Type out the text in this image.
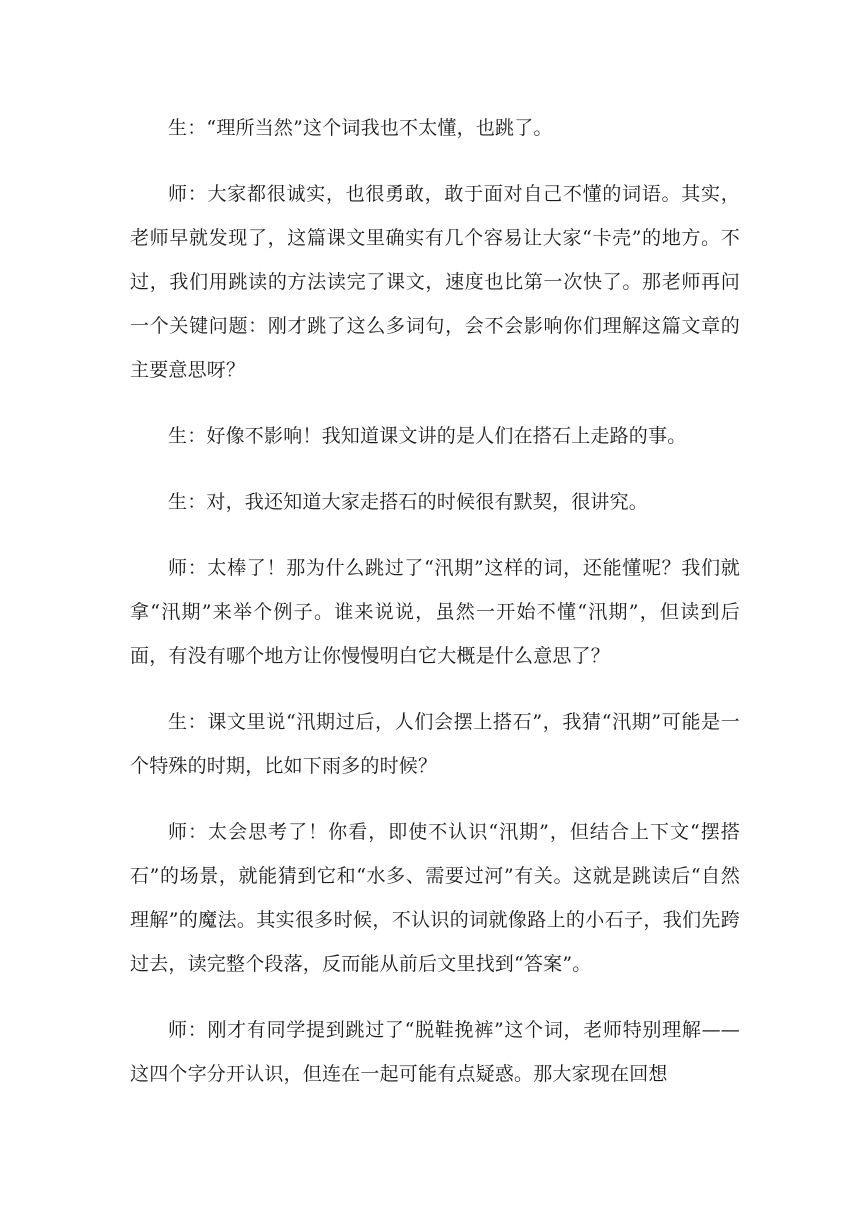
生：“理所当然”这个词我也不太懂，也跳了。

师：大家都很诚实，也很勇敢，敢于面对自己不懂的词语。其实，老师早就发现了，这篇课文里确实有几个容易让大家“卡壳”的地方。不过，我们用跳读的方法读完了课文，速度也比第一次快了。那老师再问一个关键问题：刚才跳了这么多词句，会不会影响你们理解这篇文章的主要意思呀？

生：好像不影响！我知道课文讲的是人们在搭石上走路的事。

生：对，我还知道大家走搭石的时候很有默契，很讲究。

师：太棒了！那为什么跳过了“汛期”这样的词，还能懂呢？我们就拿“汛期”来举个例子。谁来说说，虽然一开始不懂“汛期”，但读到后面，有没有哪个地方让你慢慢明白它大概是什么意思了？

生：课文里说“汛期过后，人们会摆上搭石”，我猜“汛期”可能是一个特殊的时期，比如下雨多的时候？

师：太会思考了！你看，即使不认识“汛期”，但结合上下文“摆搭石”的场景，就能猜到它和“水多、需要过河”有关。这就是跳读后“自然理解”的魔法。其实很多时候，不认识的词就像路上的小石子，我们先跨过去，读完整个段落，反而能从前后文里找到“答案”。

师：刚才有同学提到跳过了“脱鞋挽裤”这个词，老师特别理解——这四个字分开认识，但连在一起可能有点疑惑。那大家现在回想
